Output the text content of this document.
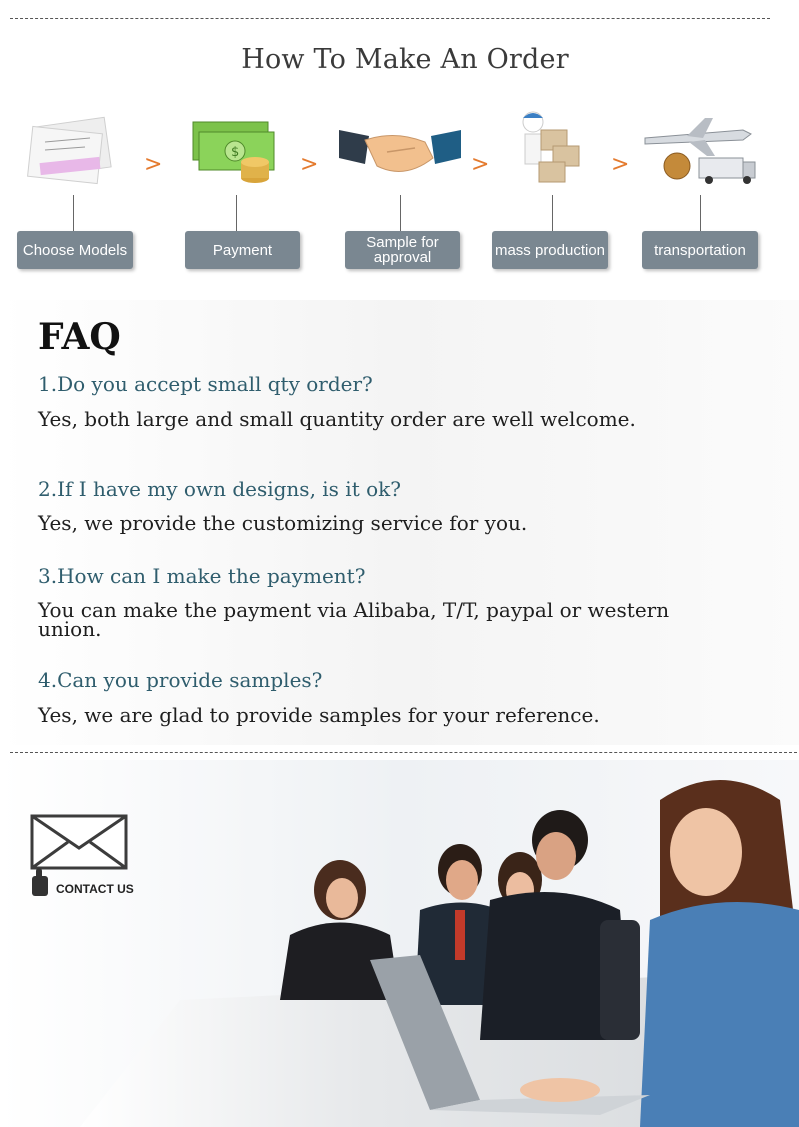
How To Make An Order
Choose Models
>	$
Payment
>
Sample for approval
>
mass production
>
transportation
FAQ
1.Do you accept small qty order?
Yes, both large and small quantity order are well welcome.
2.If I have my own designs, is it ok?
Yes, we provide the customizing service for you.
3.How can I make the payment?
You can make the payment via Alibaba, T/T, paypal or western union.
4.Can you provide samples?
Yes, we are glad to provide samples for your reference.
CONTACT US
